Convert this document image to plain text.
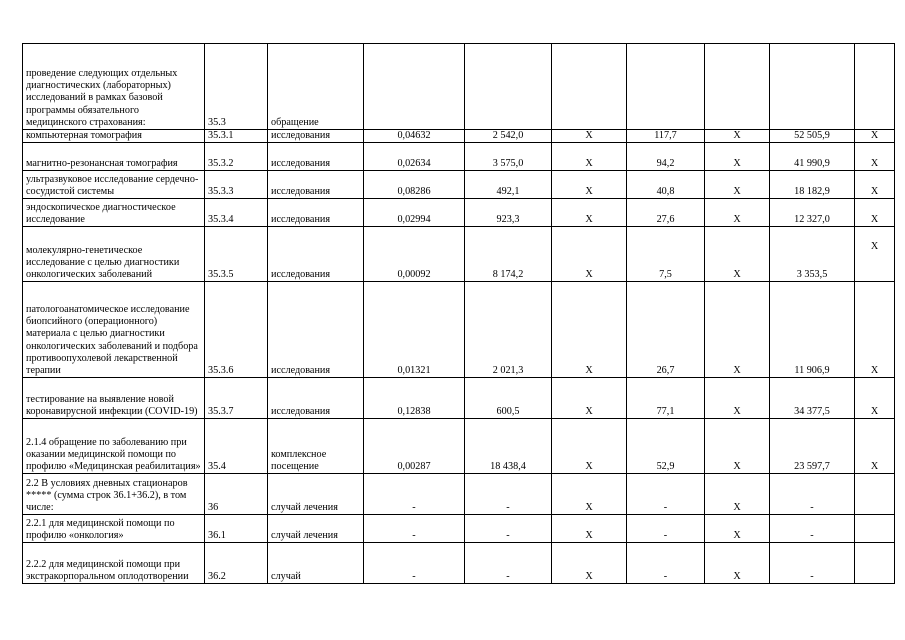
проведение следующих отдельных диагностических (лабораторных) исследований в рамках базовой программы обязательного медицинского страхования:	35.3	обращение							
компьютерная томография	35.3.1	исследования	0,04632	2 542,0	Х	117,7	Х	52 505,9	Х
магнитно-резонансная томография	35.3.2	исследования	0,02634	3 575,0	Х	94,2	Х	41 990,9	Х
ультразвуковое исследование сердечно-сосудистой системы	35.3.3	исследования	0,08286	492,1	Х	40,8	Х	18 182,9	Х
эндоскопическое диагностическое исследование	35.3.4	исследования	0,02994	923,3	Х	27,6	Х	12 327,0	Х
молекулярно-генетическое исследование с целью диагностики онкологических заболеваний	35.3.5	исследования	0,00092	8 174,2	Х	7,5	Х	3 353,5	Х
патологоанатомическое исследование биопсийного (операционного) материала с целью диагностики онкологических заболеваний и подбора противоопухолевой лекарственной терапии	35.3.6	исследования	0,01321	2 021,3	Х	26,7	Х	11 906,9	Х
тестирование на выявление новой коронавирусной инфекции (COVID-19)	35.3.7	исследования	0,12838	600,5	Х	77,1	Х	34 377,5	Х
2.1.4 обращение по заболеванию при оказании медицинской помощи по профилю «Медицинская реабилитация»	35.4	комплексное посещение	0,00287	18 438,4	Х	52,9	Х	23 597,7	Х
2.2 В условиях дневных стационаров ***** (сумма строк 36.1+36.2), в том числе:	36	случай лечения	-	-	Х	-	Х	-	
2.2.1 для медицинской помощи по профилю «онкология»	36.1	случай лечения	-	-	Х	-	Х	-	
2.2.2 для медицинской помощи при экстракорпоральном оплодотворении	36.2	случай	-	-	Х	-	Х	-	
